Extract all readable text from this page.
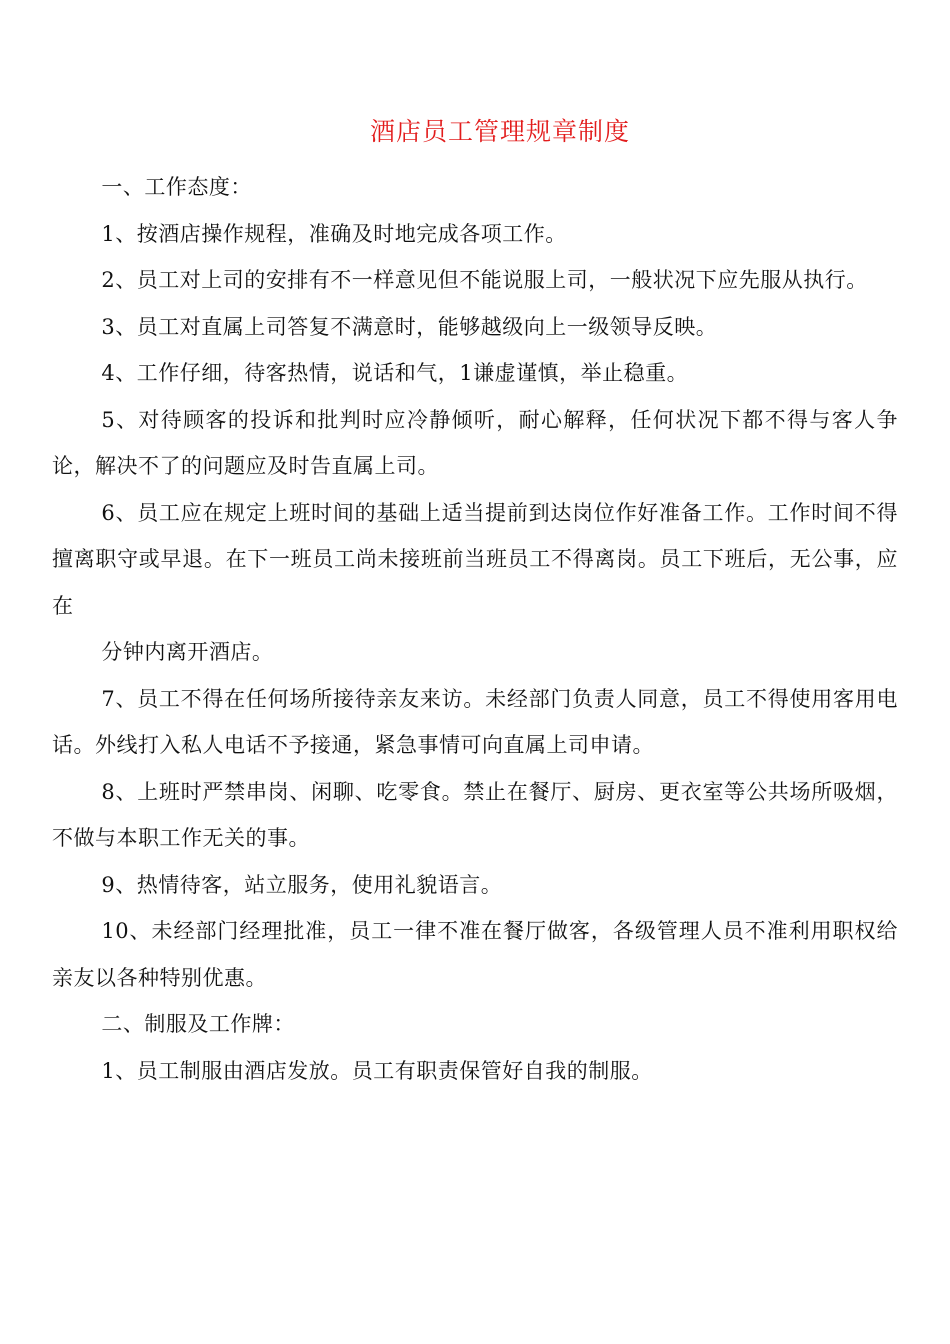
酒店员工管理规章制度

一、工作态度：

1、按酒店操作规程，准确及时地完成各项工作。

2、员工对上司的安排有不一样意见但不能说服上司，一般状况下应先服从执行。

3、员工对直属上司答复不满意时，能够越级向上一级领导反映。

4、工作仔细，待客热情，说话和气，1谦虚谨慎，举止稳重。

5、对待顾客的投诉和批判时应冷静倾听，耐心解释，任何状况下都不得与客人争论，解决不了的问题应及时告直属上司。

6、员工应在规定上班时间的基础上适当提前到达岗位作好准备工作。工作时间不得擅离职守或早退。在下一班员工尚未接班前当班员工不得离岗。员工下班后，无公事，应在

分钟内离开酒店。

7、员工不得在任何场所接待亲友来访。未经部门负责人同意，员工不得使用客用电话。外线打入私人电话不予接通，紧急事情可向直属上司申请。

8、上班时严禁串岗、闲聊、吃零食。禁止在餐厅、厨房、更衣室等公共场所吸烟，不做与本职工作无关的事。

9、热情待客，站立服务，使用礼貌语言。

10、未经部门经理批准，员工一律不准在餐厅做客，各级管理人员不准利用职权给亲友以各种特别优惠。

二、制服及工作牌：

1、员工制服由酒店发放。员工有职责保管好自我的制服。
